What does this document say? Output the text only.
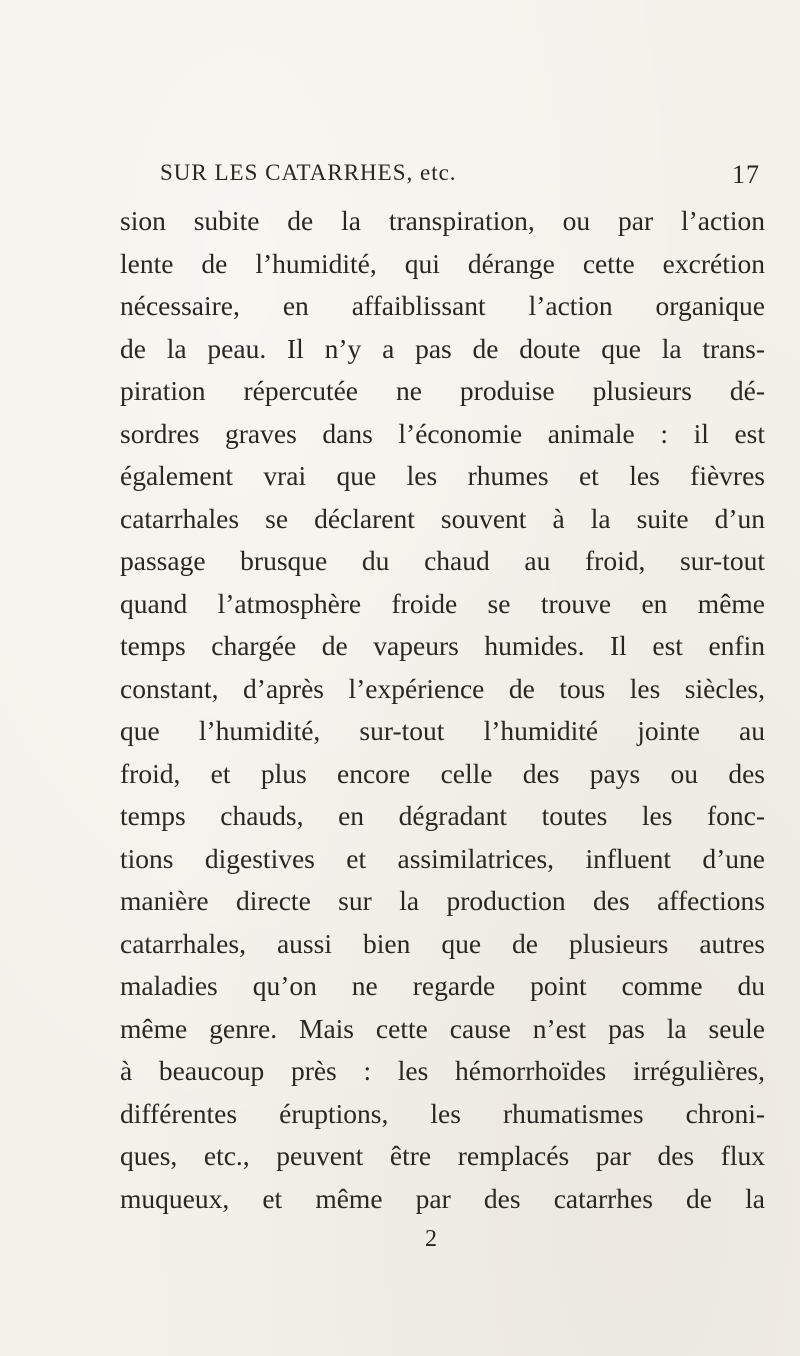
SUR LES CATARRHES, etc.	17
sion subite de la transpiration, ou par l’action
lente de l’humidité, qui dérange cette excrétion
nécessaire, en affaiblissant l’action organique
de la peau. Il n’y a pas de doute que la trans-
piration répercutée ne produise plusieurs dé-
sordres graves dans l’économie animale : il est
également vrai que les rhumes et les fièvres
catarrhales se déclarent souvent à la suite d’un
passage brusque du chaud au froid, sur-tout
quand l’atmosphère froide se trouve en même
temps chargée de vapeurs humides. Il est enfin
constant, d’après l’expérience de tous les siècles,
que l’humidité, sur-tout l’humidité jointe au
froid, et plus encore celle des pays ou des
temps chauds, en dégradant toutes les fonc-
tions digestives et assimilatrices, influent d’une
manière directe sur la production des affections
catarrhales, aussi bien que de plusieurs autres
maladies qu’on ne regarde point comme du
même genre. Mais cette cause n’est pas la seule
à beaucoup près : les hémorrhoïdes irrégulières,
différentes éruptions, les rhumatismes chroni-
ques, etc., peuvent être remplacés par des flux
muqueux, et même par des catarrhes de la
2
